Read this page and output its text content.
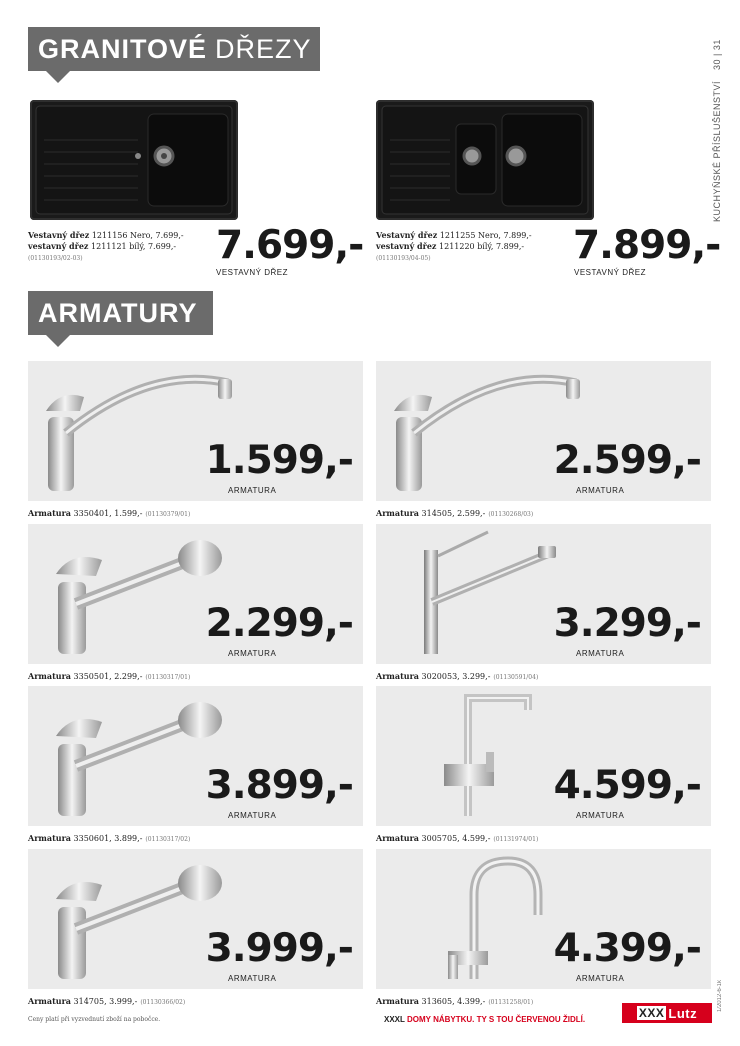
GRANITOVÉ DŘEZY
KUCHYŇSKÉ PŘÍSLUŠENSTVÍ 30 | 31
1/2012-6-1k
Vestavný dřez 1211156 Nero, 7.699,-
vestavný dřez 1211121 bílý, 7.699,-
(01130193/02-03)	7.699,-
VESTAVNÝ DŘEZ
Vestavný dřez 1211255 Nero, 7.899,-
vestavný dřez 1211220 bílý, 7.899,-
(01130193/04-05)	7.899,-
VESTAVNÝ DŘEZ
ARMATURY
1.599,-
ARMATURA
Armatura 3350401, 1.599,- (01130379/01)
2.599,-
ARMATURA
Armatura 314505, 2.599,- (01130268/03)
2.299,-
ARMATURA
Armatura 3350501, 2.299,- (01130317/01)
3.299,-
ARMATURA
Armatura 3020053, 3.299,- (01130591/04)
3.899,-
ARMATURA
Armatura 3350601, 3.899,- (01130317/02)
4.599,-
ARMATURA
Armatura 3005705, 4.599,- (01131974/01)
3.999,-
ARMATURA
Armatura 314705, 3.999,- (01130366/02)
4.399,-
ARMATURA
Armatura 313605, 4.399,- (01131258/01)
Ceny platí při vyzvednutí zboží na pobočce.	XXXL DOMY NÁBYTKU. TY S TOU ČERVENOU ŽIDLÍ.	XXX Lutz
